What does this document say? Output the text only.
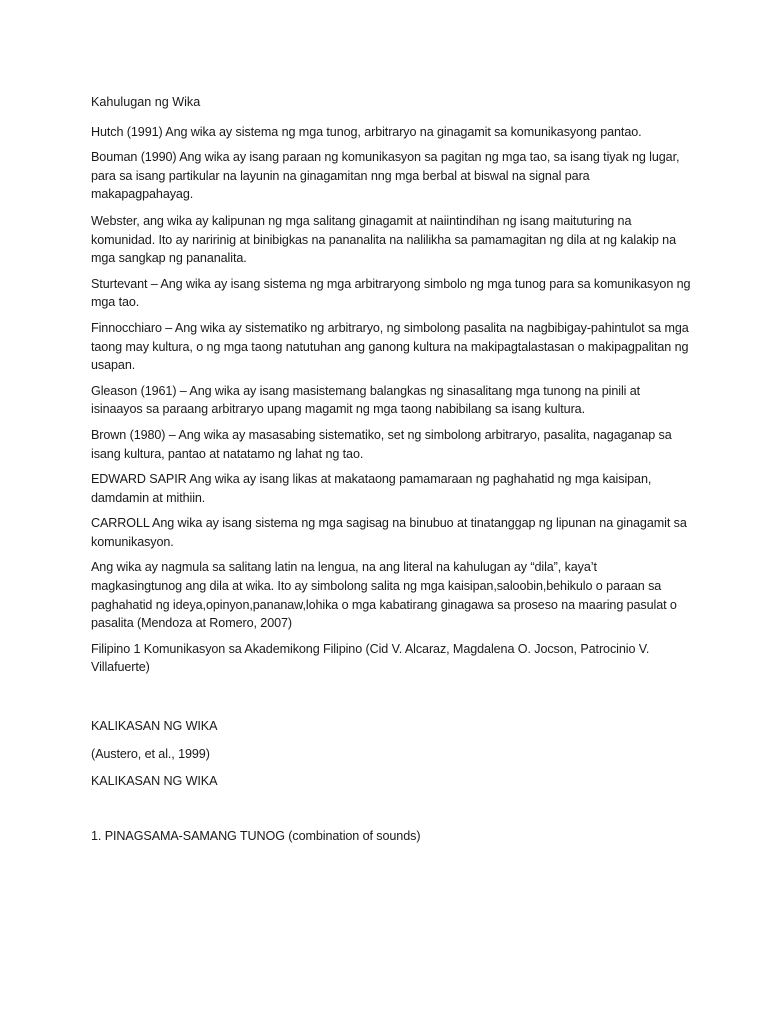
Kahulugan ng Wika

Hutch (1991) Ang wika ay sistema ng mga tunog, arbitraryo na ginagamit sa komunikasyong pantao.

Bouman (1990) Ang wika ay isang paraan ng komunikasyon sa pagitan ng mga tao, sa isang tiyak ng lugar, para sa isang partikular na layunin na ginagamitan nng mga berbal at biswal na signal para makapagpahayag.

Webster, ang wika ay kalipunan ng mga salitang ginagamit at naiintindihan ng isang maituturing na komunidad. Ito ay naririnig at binibigkas na pananalita na nalilikha sa pamamagitan ng dila at ng kalakip na mga sangkap ng pananalita.

Sturtevant – Ang wika ay isang sistema ng mga arbitraryong simbolo ng mga tunog para sa komunikasyon ng mga tao.

Finnocchiaro – Ang wika ay sistematiko ng arbitraryo, ng simbolong pasalita na nagbibigay-pahintulot sa mga taong may kultura, o ng mga taong natutuhan ang ganong kultura na makipagtalastasan o makipagpalitan ng usapan.

Gleason (1961) – Ang wika ay isang masistemang balangkas ng sinasalitang mga tunong na pinili at isinaayos sa paraang arbitraryo upang magamit ng mga taong nabibilang sa isang kultura.

Brown (1980) – Ang wika ay masasabing sistematiko, set ng simbolong arbitraryo, pasalita, nagaganap sa isang kultura, pantao at natatamo ng lahat ng tao.

EDWARD SAPIR Ang wika ay isang likas at makataong pamamaraan ng paghahatid ng mga kaisipan, damdamin at mithiin.

CARROLL Ang wika ay isang sistema ng mga sagisag na binubuo at tinatanggap ng lipunan na ginagamit sa komunikasyon.

Ang wika ay nagmula sa salitang latin na lengua, na ang literal na kahulugan ay “dila”, kaya’t magkasingtunog ang dila at wika. Ito ay simbolong salita ng mga kaisipan,saloobin,behikulo o paraan sa paghahatid ng ideya,opinyon,pananaw,lohika o mga kabatirang ginagawa sa proseso na maaring pasulat o pasalita (Mendoza at Romero, 2007)

Filipino 1 Komunikasyon sa Akademikong Filipino (Cid V. Alcaraz, Magdalena O. Jocson, Patrocinio V. Villafuerte)

KALIKASAN NG WIKA

(Austero, et al., 1999)

KALIKASAN NG WIKA

1. PINAGSAMA-SAMANG TUNOG (combination of sounds)
